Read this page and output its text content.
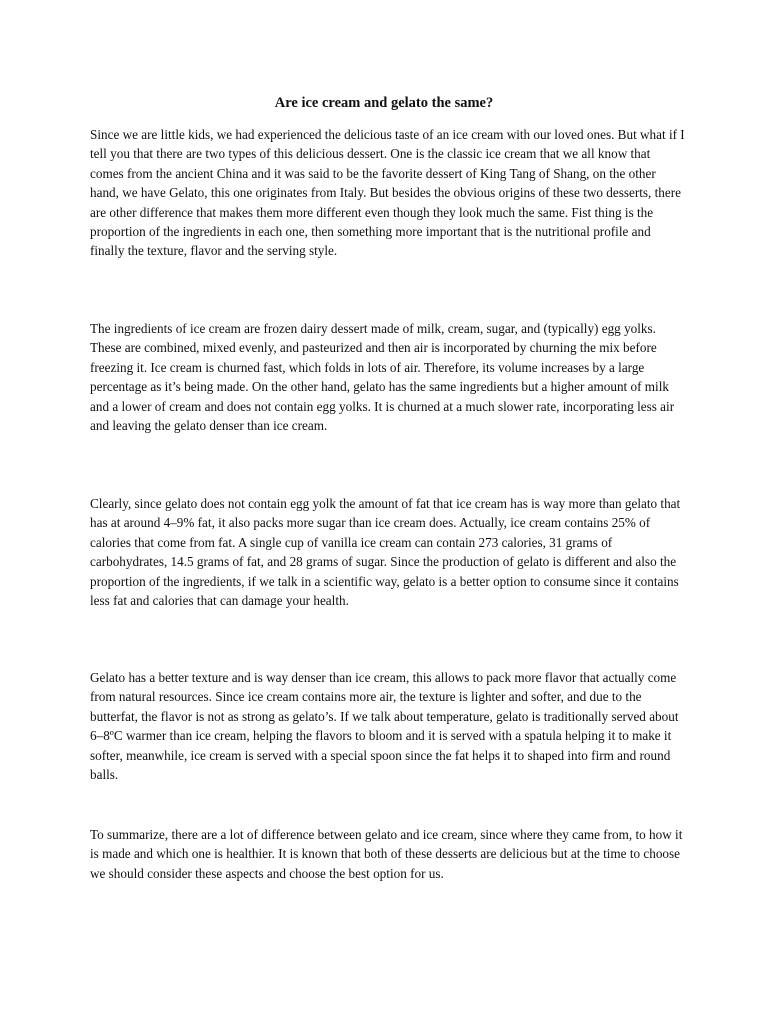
Are ice cream and gelato the same?

Since we are little kids, we had experienced the delicious taste of an ice cream with our loved ones. But what if I tell you that there are two types of this delicious dessert. One is the classic ice cream that we all know that comes from the ancient China and it was said to be the favorite dessert of King Tang of Shang, on the other hand, we have Gelato, this one originates from Italy. But besides the obvious origins of these two desserts, there are other difference that makes them more different even though they look much the same. Fist thing is the proportion of the ingredients in each one, then something more important that is the nutritional profile and finally the texture, flavor and the serving style.

The ingredients of ice cream are frozen dairy dessert made of milk, cream, sugar, and (typically) egg yolks. These are combined, mixed evenly, and pasteurized and then air is incorporated by churning the mix before freezing it. Ice cream is churned fast, which folds in lots of air. Therefore, its volume increases by a large percentage as it’s being made. On the other hand, gelato has the same ingredients but a higher amount of milk and a lower of cream and does not contain egg yolks. It is churned at a much slower rate, incorporating less air and leaving the gelato denser than ice cream.

Clearly, since gelato does not contain egg yolk the amount of fat that ice cream has is way more than gelato that has at around 4–9% fat, it also packs more sugar than ice cream does. Actually, ice cream contains 25% of calories that come from fat. A single cup of vanilla ice cream can contain 273 calories, 31 grams of carbohydrates, 14.5 grams of fat, and 28 grams of sugar. Since the production of gelato is different and also the proportion of the ingredients, if we talk in a scientific way, gelato is a better option to consume since it contains less fat and calories that can damage your health.

Gelato has a better texture and is way denser than ice cream, this allows to pack more flavor that actually come from natural resources. Since ice cream contains more air, the texture is lighter and softer, and due to the butterfat, the flavor is not as strong as gelato’s. If we talk about temperature, gelato is traditionally served about 6–8ºC warmer than ice cream, helping the flavors to bloom and it is served with a spatula helping it to make it softer, meanwhile, ice cream is served with a special spoon since the fat helps it to shaped into firm and round balls.

To summarize, there are a lot of difference between gelato and ice cream, since where they came from, to how it is made and which one is healthier. It is known that both of these desserts are delicious but at the time to choose we should consider these aspects and choose the best option for us.
